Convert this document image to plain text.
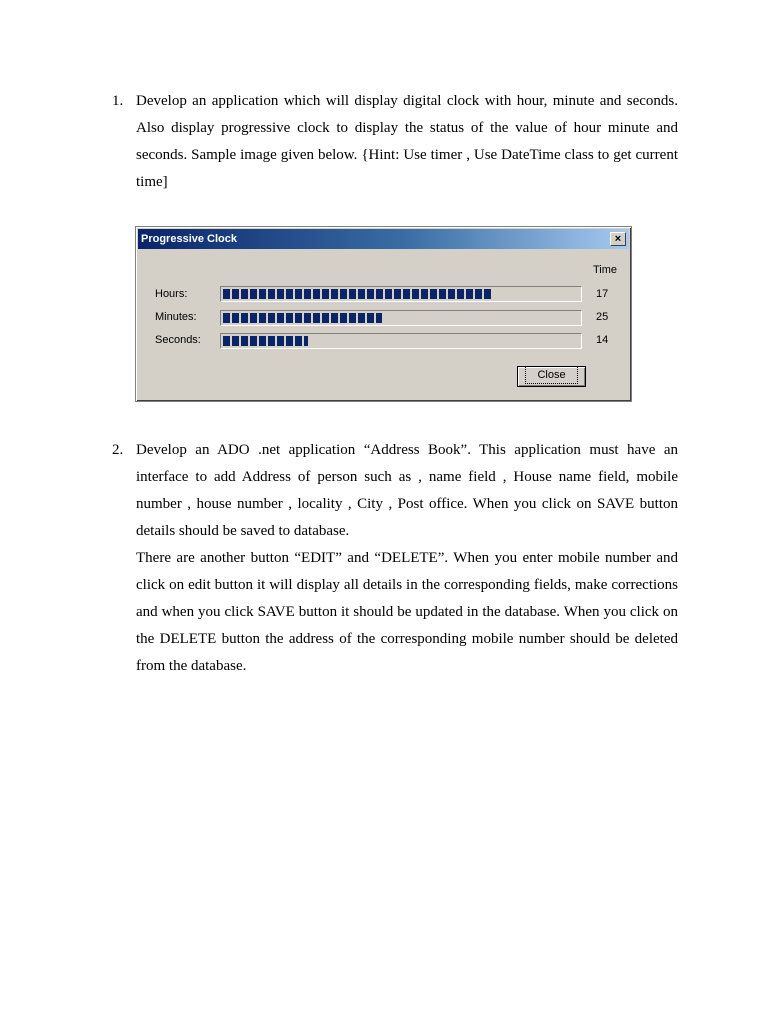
1. Develop an application which will display digital clock with hour, minute and seconds. Also display progressive clock to display the status of the value of hour minute and seconds. Sample image given below. {Hint: Use timer , Use DateTime class to get current time]
Progressive Clock	×
Time
Hours:	17
Minutes:	25
Seconds:	14
Close
2. Develop an ADO .net application “Address Book”. This application must have an interface to add Address of person such as , name field , House name field, mobile number , house number , locality , City , Post office. When you click on SAVE button details should be saved to database.
There are another button “EDIT” and “DELETE”. When you enter mobile number and click on edit button it will display all details in the corresponding fields, make corrections and when you click SAVE button it should be updated in the database. When you click on the DELETE button the address of the corresponding mobile number should be deleted from the database.
